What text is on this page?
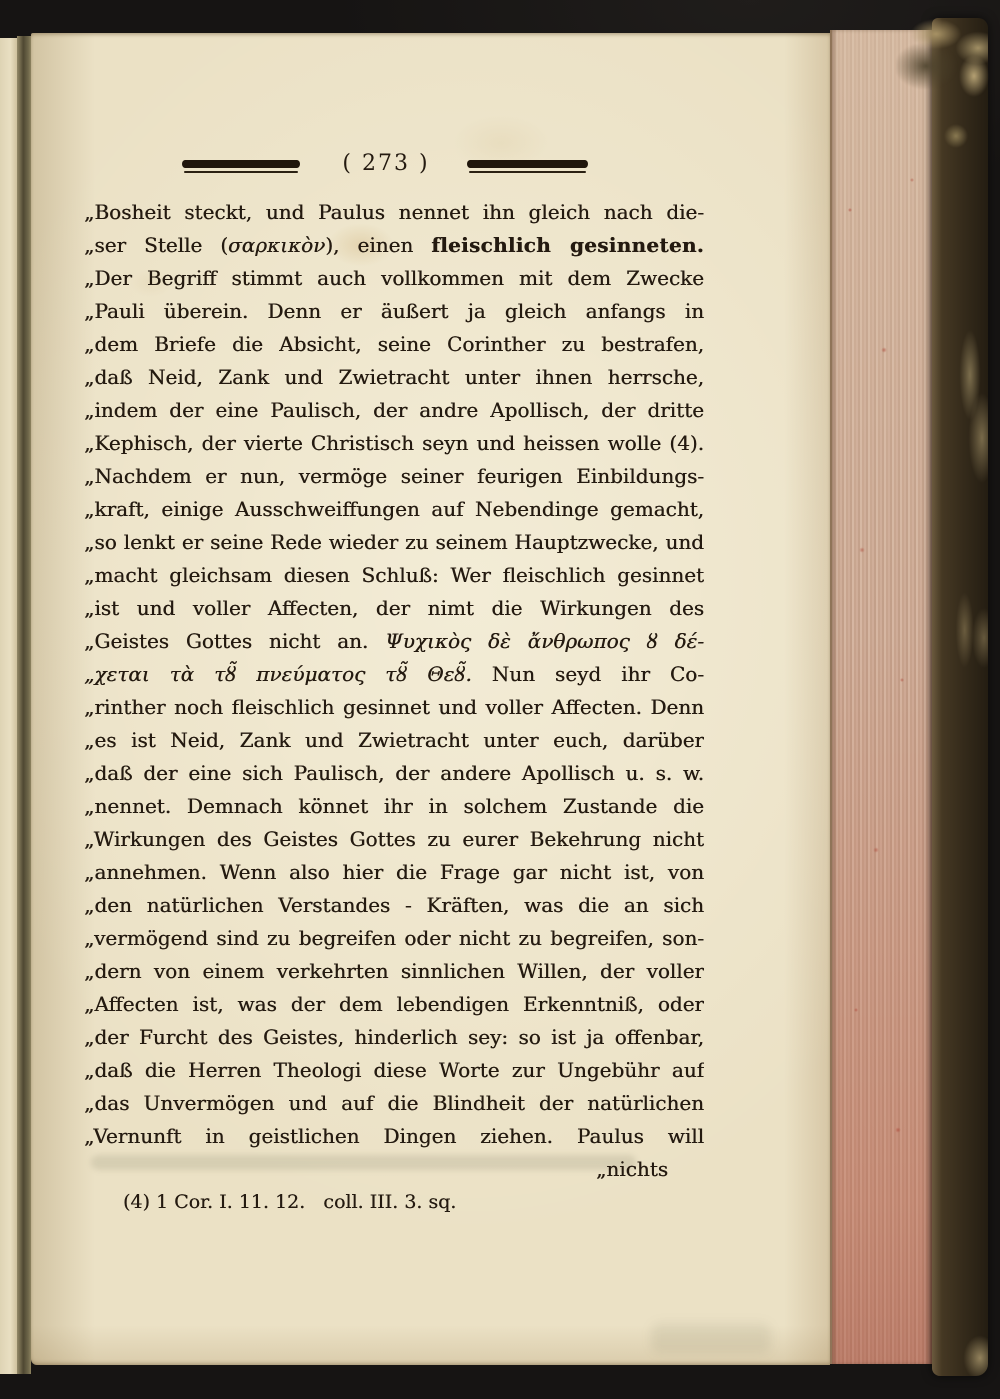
( 273 )
„Bosheit steckt, und Paulus nennet ihn gleich nach die-
„ser Stelle (σαρκικὸν), einen fleischlich gesinneten.
„Der Begriff stimmt auch vollkommen mit dem Zwecke
„Pauli überein. Denn er äußert ja gleich anfangs in
„dem Briefe die Absicht, seine Corinther zu bestrafen,
„daß Neid, Zank und Zwietracht unter ihnen herrsche,
„indem der eine Paulisch, der andre Apollisch, der dritte
„Kephisch, der vierte Christisch seyn und heissen wolle (4).
„Nachdem er nun, vermöge seiner feurigen Einbildungs-
„kraft, einige Ausschweiffungen auf Nebendinge gemacht,
„so lenkt er seine Rede wieder zu seinem Hauptzwecke, und
„macht gleichsam diesen Schluß: Wer fleischlich gesinnet
„ist und voller Affecten, der nimt die Wirkungen des
„Geistes Gottes nicht an. Ψυχικὸς δὲ ἄνθρωπος ȣ δέ-
„χεται τὰ τȣ̃ πνεύματος τȣ̃ Θεȣ̃. Nun seyd ihr Co-
„rinther noch fleischlich gesinnet und voller Affecten. Denn
„es ist Neid, Zank und Zwietracht unter euch, darüber
„daß der eine sich Paulisch, der andere Apollisch u. s. w.
„nennet. Demnach könnet ihr in solchem Zustande die
„Wirkungen des Geistes Gottes zu eurer Bekehrung nicht
„annehmen. Wenn also hier die Frage gar nicht ist, von
„den natürlichen Verstandes - Kräften, was die an sich
„vermögend sind zu begreifen oder nicht zu begreifen, son-
„dern von einem verkehrten sinnlichen Willen, der voller
„Affecten ist, was der dem lebendigen Erkenntniß, oder
„der Furcht des Geistes, hinderlich sey: so ist ja offenbar,
„daß die Herren Theologi diese Worte zur Ungebühr auf
„das Unvermögen und auf die Blindheit der natürlichen
„Vernunft in geistlichen Dingen ziehen. Paulus will
„nichts
(4) 1 Cor. I. 11. 12.   coll. III. 3. sq.
